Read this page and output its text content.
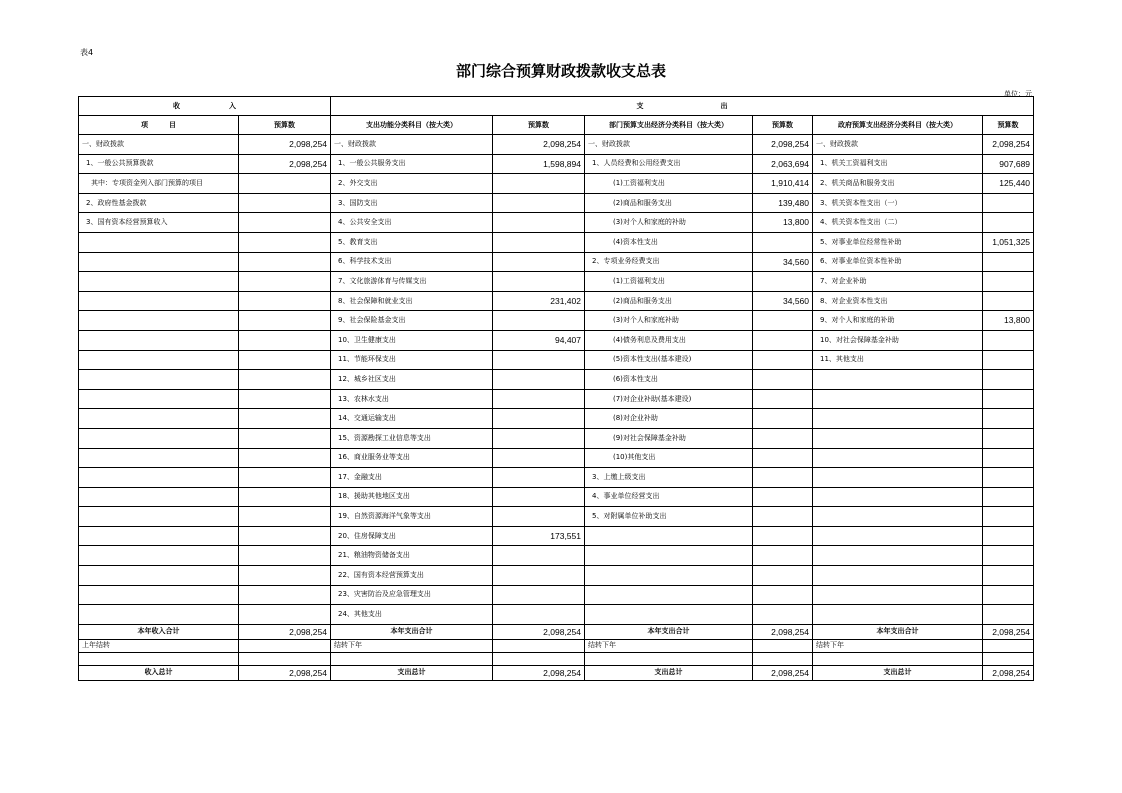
表4
部门综合预算财政拨款收支总表
单位：元
收　　　　　　　入		支　　　　　　　　　　　出					
项　　　目	预算数	支出功能分类科目（按大类）	预算数	部门预算支出经济分类科目（按大类）	预算数	政府预算支出经济分类科目（按大类）	预算数
一、财政拨款	2,098,254	一、财政拨款	2,098,254	一、财政拨款	2,098,254	一、财政拨款	2,098,254
1、一般公共预算拨款	2,098,254	1、一般公共服务支出	1,598,894	1、人员经费和公用经费支出	2,063,694	1、机关工资福利支出	907,689
其中：专项资金列入部门预算的项目		2、外交支出		(1)工资福利支出	1,910,414	2、机关商品和服务支出	125,440
2、政府性基金拨款		3、国防支出		(2)商品和服务支出	139,480	3、机关资本性支出（一）	
3、国有资本经营预算收入		4、公共安全支出		(3)对个人和家庭的补助	13,800	4、机关资本性支出（二）	
		5、教育支出		(4)资本性支出		5、对事业单位经常性补助	1,051,325
		6、科学技术支出		2、专项业务经费支出	34,560	6、对事业单位资本性补助	
		7、文化旅游体育与传媒支出		(1)工资福利支出		7、对企业补助	
		8、社会保障和就业支出	231,402	(2)商品和服务支出	34,560	8、对企业资本性支出	
		9、社会保险基金支出		(3)对个人和家庭补助		9、对个人和家庭的补助	13,800
		10、卫生健康支出	94,407	(4)债务利息及费用支出		10、对社会保障基金补助	
		11、节能环保支出		(5)资本性支出(基本建设)		11、其他支出	
		12、城乡社区支出		(6)资本性支出			
		13、农林水支出		(7)对企业补助(基本建设)			
		14、交通运输支出		(8)对企业补助			
		15、资源勘探工业信息等支出		(9)对社会保障基金补助			
		16、商业服务业等支出		(10)其他支出			
		17、金融支出		3、上缴上级支出			
		18、援助其他地区支出		4、事业单位经营支出			
		19、自然资源海洋气象等支出		5、对附属单位补助支出			
		20、住房保障支出	173,551				
		21、粮油物资储备支出					
		22、国有资本经营预算支出					
		23、灾害防治及应急管理支出					
		24、其他支出					
本年收入合计	2,098,254	本年支出合计	2,098,254	本年支出合计	2,098,254	本年支出合计	2,098,254
上年结转		结转下年		结转下年		结转下年	

收入总计	2,098,254	支出总计	2,098,254	支出总计	2,098,254	支出总计	2,098,254
